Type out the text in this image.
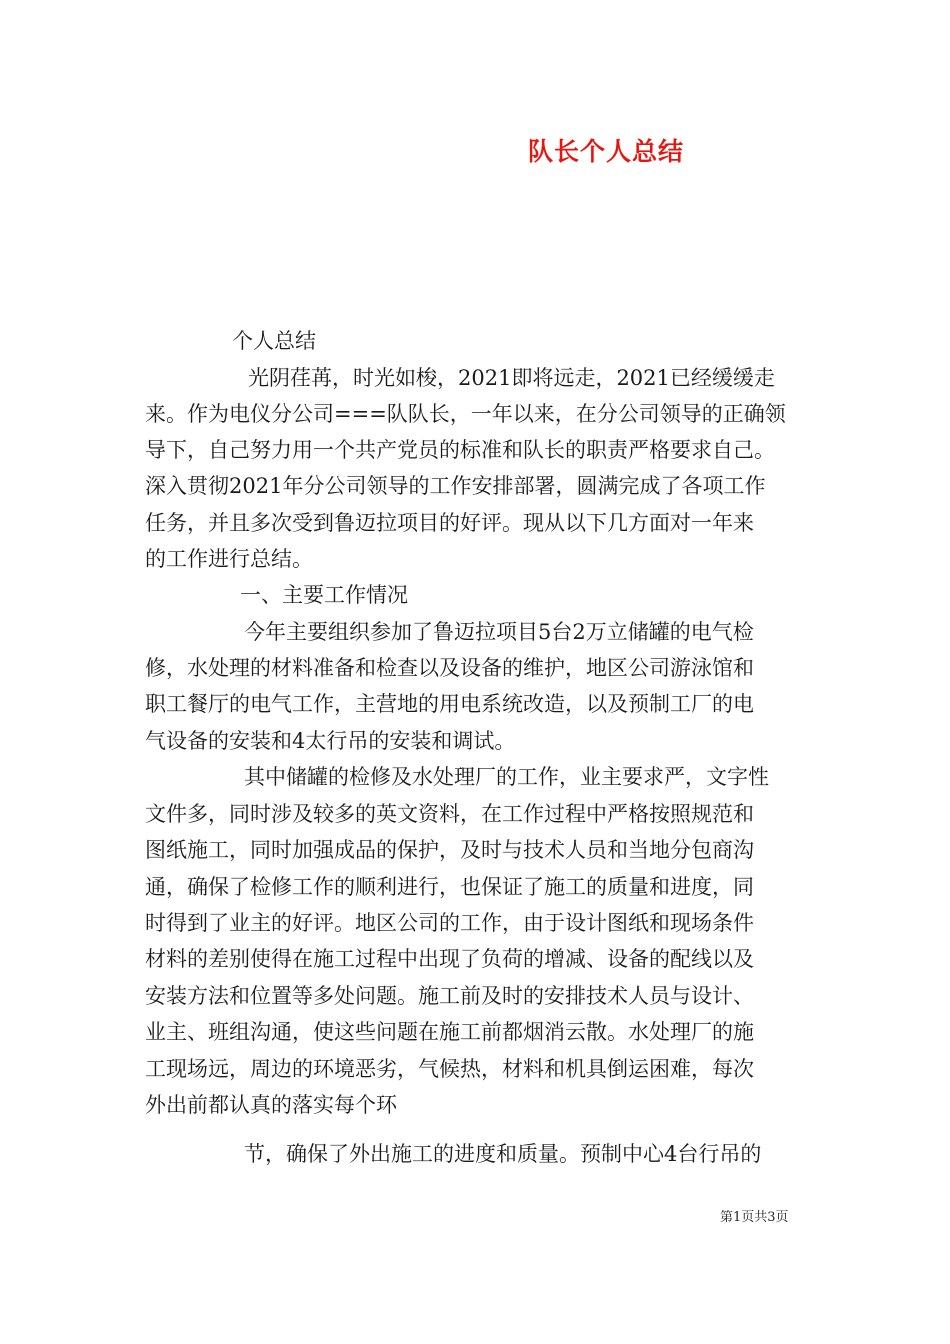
队长个人总结
个人总结
光阴荏苒，时光如梭，2021即将远走，2021已经缓缓走
来。作为电仪分公司===队队长，一年以来，在分公司领导的正确领
导下，自己努力用一个共产党员的标准和队长的职责严格要求自己。
深入贯彻2021年分公司领导的工作安排部署，圆满完成了各项工作
任务，并且多次受到鲁迈拉项目的好评。现从以下几方面对一年来
的工作进行总结。
一、主要工作情况
今年主要组织参加了鲁迈拉项目5台2万立储罐的电气检
修，水处理的材料准备和检查以及设备的维护，地区公司游泳馆和
职工餐厅的电气工作，主营地的用电系统改造，以及预制工厂的电
气设备的安装和4太行吊的安装和调试。
其中储罐的检修及水处理厂的工作，业主要求严，文字性
文件多，同时涉及较多的英文资料，在工作过程中严格按照规范和
图纸施工，同时加强成品的保护，及时与技术人员和当地分包商沟
通，确保了检修工作的顺利进行，也保证了施工的质量和进度，同
时得到了业主的好评。地区公司的工作，由于设计图纸和现场条件
材料的差别使得在施工过程中出现了负荷的增减、设备的配线以及
安装方法和位置等多处问题。施工前及时的安排技术人员与设计、
业主、班组沟通，使这些问题在施工前都烟消云散。水处理厂的施
工现场远，周边的环境恶劣，气候热，材料和机具倒运困难，每次
外出前都认真的落实每个环
节，确保了外出施工的进度和质量。预制中心4台行吊的
第1页共3页
